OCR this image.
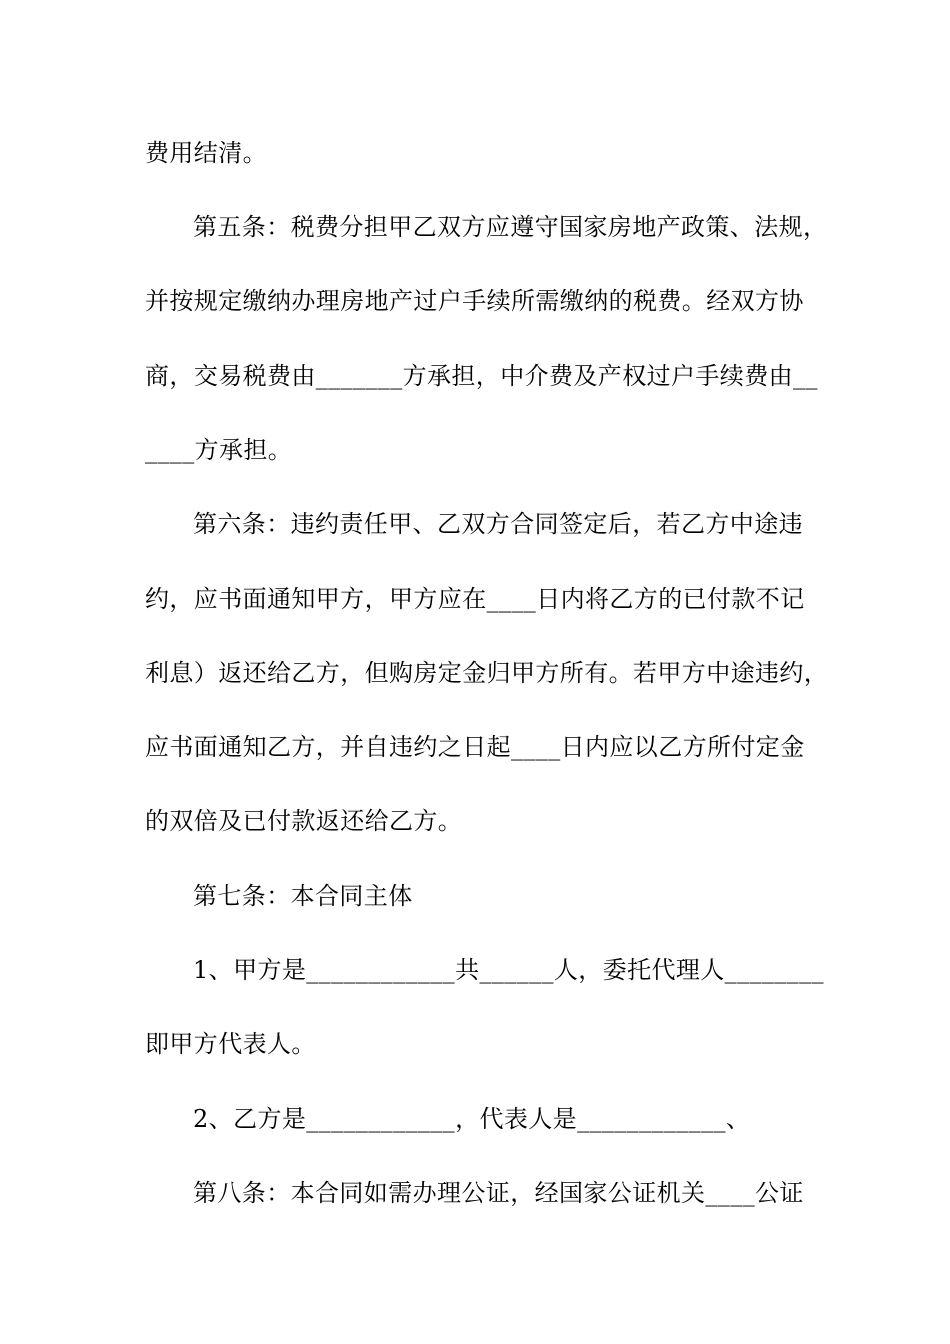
费用结清。
第五条：税费分担甲乙双方应遵守国家房地产政策、法规，
并按规定缴纳办理房地产过户手续所需缴纳的税费。经双方协
商，交易税费由_______方承担，中介费及产权过户手续费由__
____方承担。
第六条：违约责任甲、乙双方合同签定后，若乙方中途违
约，应书面通知甲方，甲方应在____日内将乙方的已付款不记
利息）返还给乙方，但购房定金归甲方所有。若甲方中途违约，
应书面通知乙方，并自违约之日起____日内应以乙方所付定金
的双倍及已付款返还给乙方。
第七条：本合同主体
1、甲方是____________共______人，委托代理人________
即甲方代表人。
2、乙方是____________，代表人是____________、
第八条：本合同如需办理公证，经国家公证机关____公证
